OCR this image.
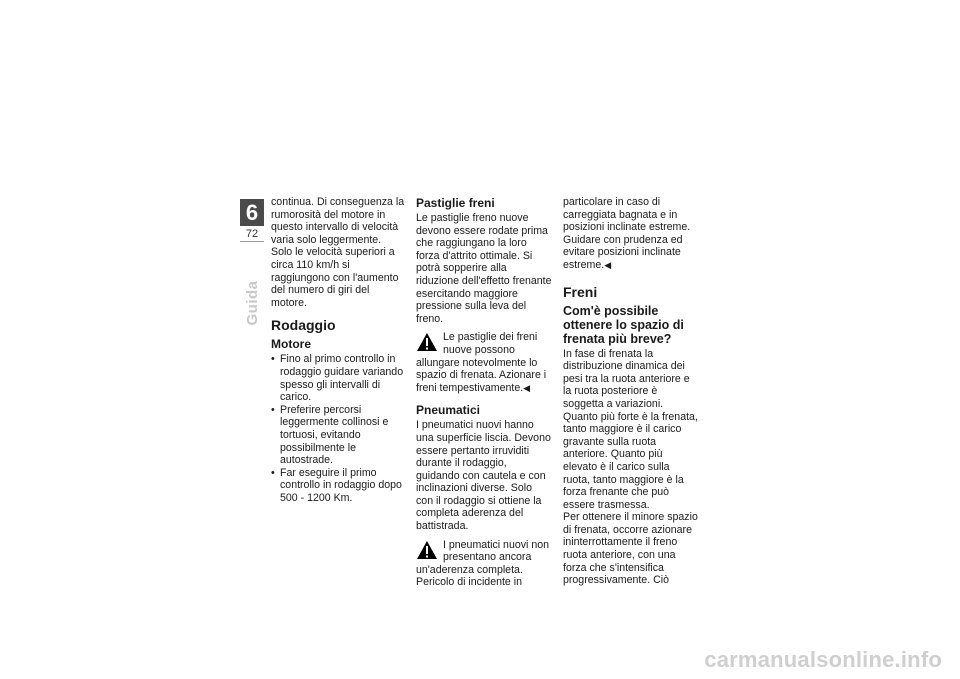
6
72
Guida

continua. Di conseguenza la rumorosità del motore in questo intervallo di velocità varia solo leggermente.

Solo le velocità superiori a circa 110 km/h si raggiungono con l'aumento del numero di giri del motore.

Rodaggio
Motore
• Fino al primo controllo in rodaggio guidare variando spesso gli intervalli di carico.
• Preferire percorsi leggermente collinosi e tortuosi, evitando possibilmente le autostrade.
• Far eseguire il primo controllo in rodaggio dopo 500 - 1200 Km.
Pastiglie freni

Le pastiglie freno nuove devono essere rodate prima che raggiungano la loro forza d'attrito ottimale. Si potrà sopperire alla riduzione dell'effetto frenante esercitando maggiore pressione sulla leva del freno.

Le pastiglie dei freni nuove possono allungare notevolmente lo spazio di frenata. Azionare i freni tempestivamente.◀
Pneumatici

I pneumatici nuovi hanno una superficie liscia. Devono essere pertanto irruviditi durante il rodaggio, guidando con cautela e con inclinazioni diverse. Solo con il rodaggio si ottiene la completa aderenza del battistrada.

I pneumatici nuovi non presentano ancora un'aderenza completa. Pericolo di incidente in

particolare in caso di carreggiata bagnata e in posizioni inclinate estreme.

Guidare con prudenza ed evitare posizioni inclinate estreme.◀

Freni
Com'è possibile ottenere lo spazio di frenata più breve?

In fase di frenata la distribuzione dinamica dei pesi tra la ruota anteriore e la ruota posteriore è soggetta a variazioni. Quanto più forte è la frenata, tanto maggiore è il carico gravante sulla ruota anteriore. Quanto più elevato è il carico sulla ruota, tanto maggiore è la forza frenante che può essere trasmessa.

Per ottenere il minore spazio di frenata, occorre azionare ininterrottamente il freno ruota anteriore, con una forza che s'intensifica progressivamente. Ciò

carmanualsonline.info
